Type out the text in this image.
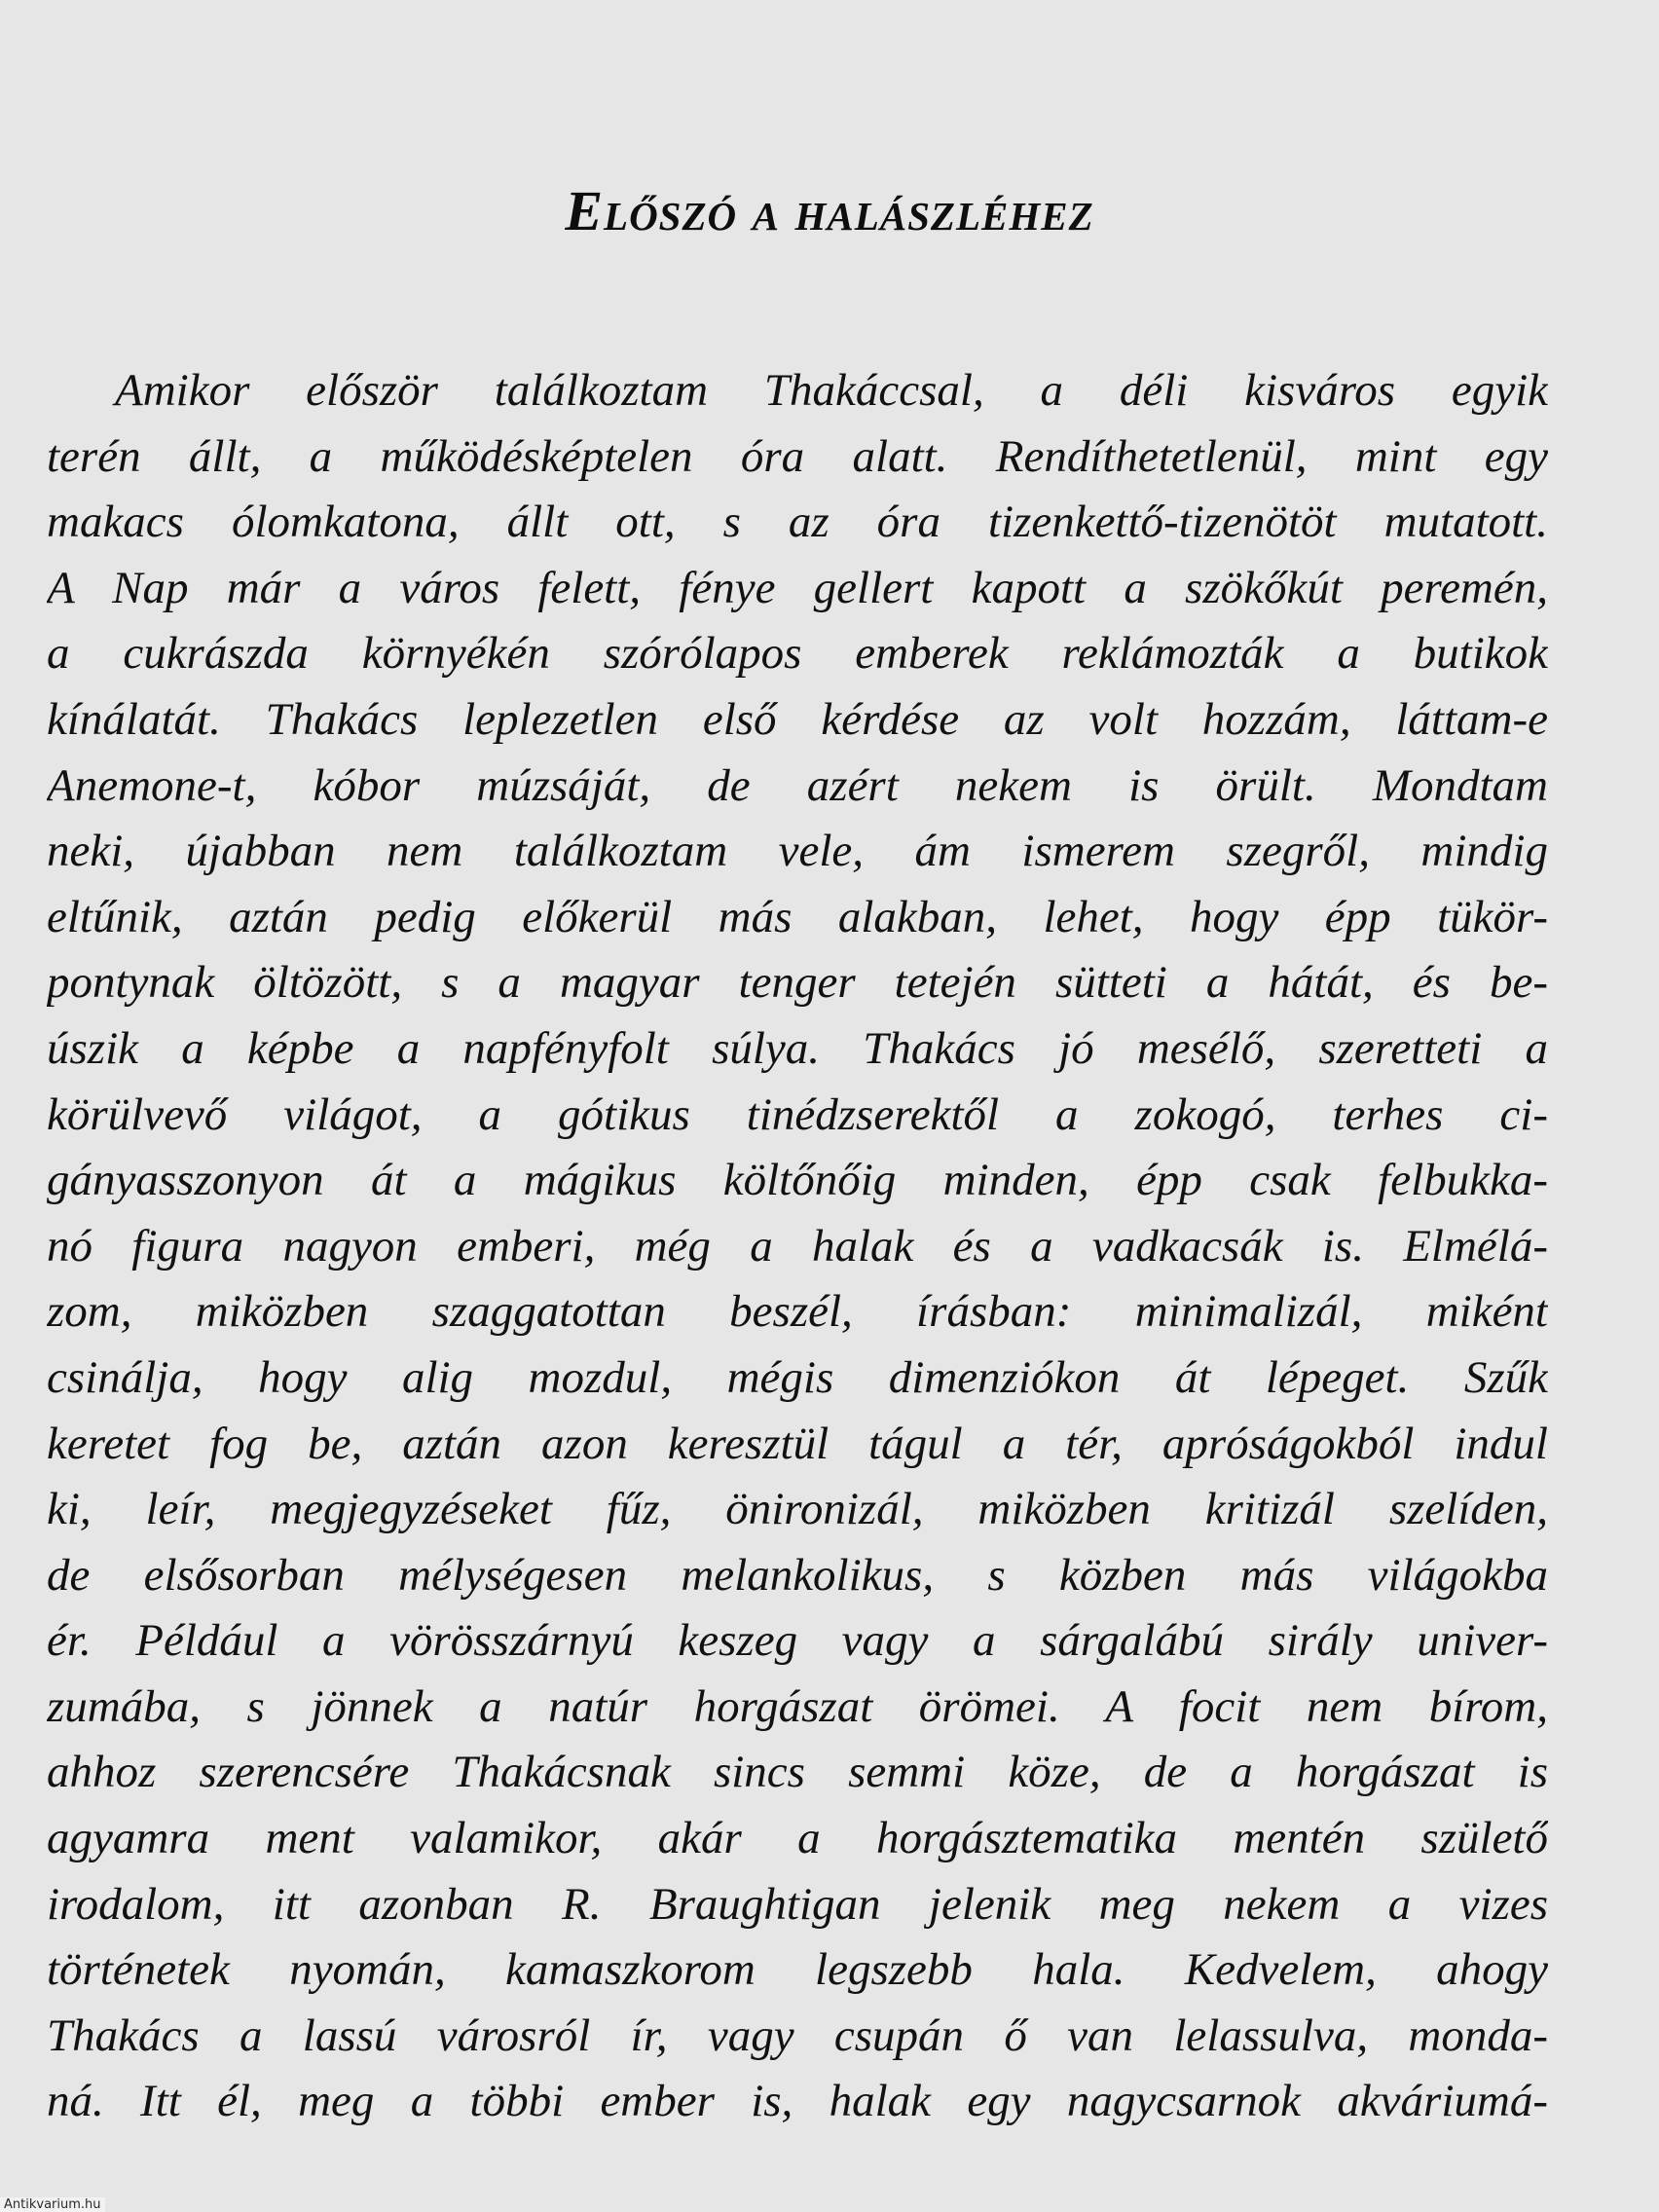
Előszó a halászléhez
Amikor először találkoztam Thakáccsal, a déli kisváros egyik
terén állt, a működésképtelen óra alatt. Rendíthetetlenül, mint egy
makacs ólomkatona, állt ott, s az óra tizenkettő-tizenötöt mutatott.
A Nap már a város felett, fénye gellert kapott a szökőkút peremén,
a cukrászda környékén szórólapos emberek reklámozták a butikok
kínálatát. Thakács leplezetlen első kérdése az volt hozzám, láttam-e
Anemone-t, kóbor múzsáját, de azért nekem is örült. Mondtam
neki, újabban nem találkoztam vele, ám ismerem szegről, mindig
eltűnik, aztán pedig előkerül más alakban, lehet, hogy épp tükör-
pontynak öltözött, s a magyar tenger tetején sütteti a hátát, és be-
úszik a képbe a napfényfolt súlya. Thakács jó mesélő, szeretteti a
körülvevő világot, a gótikus tinédzserektől a zokogó, terhes ci-
gányasszonyon át a mágikus költőnőig minden, épp csak felbukka-
nó figura nagyon emberi, még a halak és a vadkacsák is. Elmélá-
zom, miközben szaggatottan beszél, írásban: minimalizál, miként
csinálja, hogy alig mozdul, mégis dimenziókon át lépeget. Szűk
keretet fog be, aztán azon keresztül tágul a tér, apróságokból indul
ki, leír, megjegyzéseket fűz, önironizál, miközben kritizál szelíden,
de elsősorban mélységesen melankolikus, s közben más világokba
ér. Például a vörösszárnyú keszeg vagy a sárgalábú sirály univer-
zumába, s jönnek a natúr horgászat örömei. A focit nem bírom,
ahhoz szerencsére Thakácsnak sincs semmi köze, de a horgászat is
agyamra ment valamikor, akár a horgásztematika mentén születő
irodalom, itt azonban R. Braughtigan jelenik meg nekem a vizes
történetek nyomán, kamaszkorom legszebb hala. Kedvelem, ahogy
Thakács a lassú városról ír, vagy csupán ő van lelassulva, monda-
ná. Itt él, meg a többi ember is, halak egy nagycsarnok akváriumá-
Antikvarium.hu
